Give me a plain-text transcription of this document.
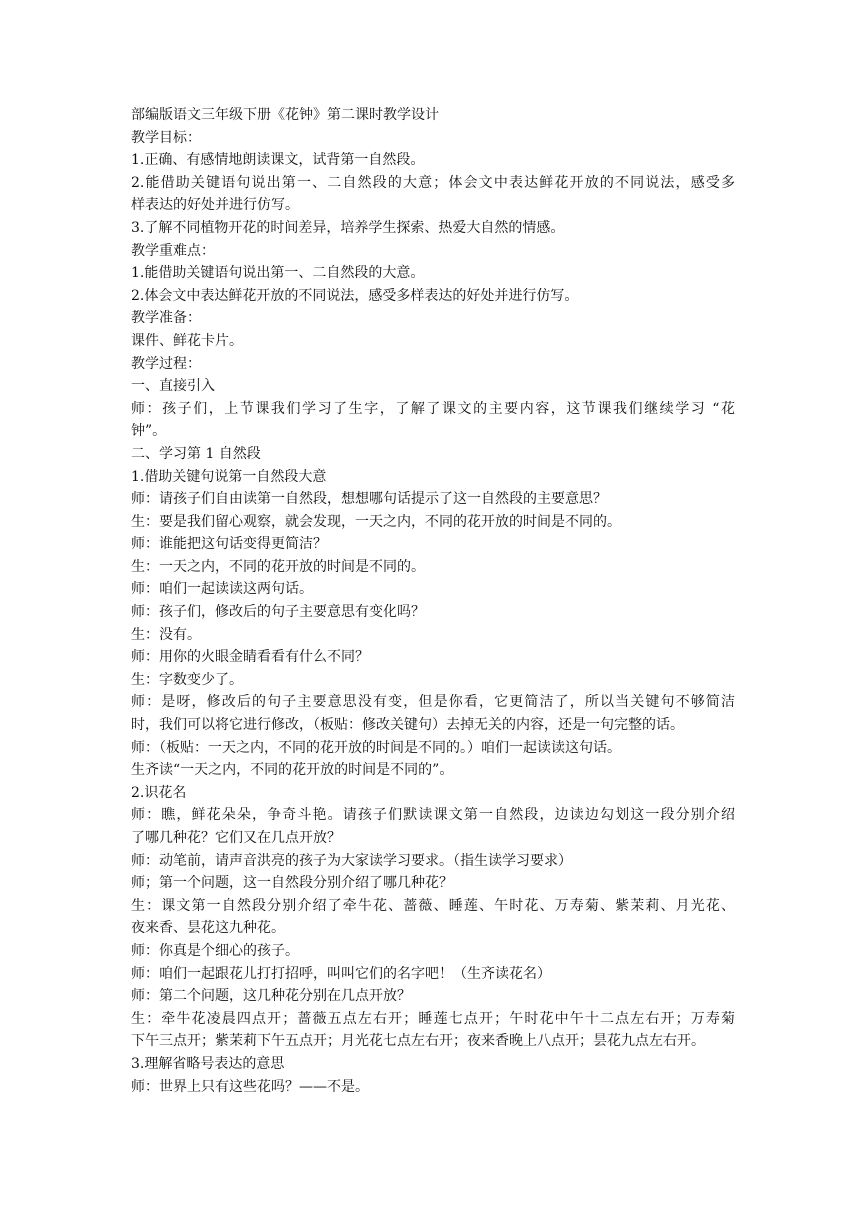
部编版语文三年级下册《花钟》第二课时教学设计
教学目标：
1.正确、有感情地朗读课文，试背第一自然段。
2.能借助关键语句说出第一、二自然段的大意；体会文中表达鲜花开放的不同说法，感受多
样表达的好处并进行仿写。
3.了解不同植物开花的时间差异，培养学生探索、热爱大自然的情感。
教学重难点：
1.能借助关键语句说出第一、二自然段的大意。
2.体会文中表达鲜花开放的不同说法，感受多样表达的好处并进行仿写。
教学准备：
课件、鲜花卡片。
教学过程：
一、直接引入
师：孩子们，上节课我们学习了生字，了解了课文的主要内容，这节课我们继续学习 “花
钟”。
二、学习第 1 自然段
1.借助关键句说第一自然段大意
师：请孩子们自由读第一自然段，想想哪句话提示了这一自然段的主要意思？
生：要是我们留心观察，就会发现，一天之内，不同的花开放的时间是不同的。
师：谁能把这句话变得更简洁？
生：一天之内，不同的花开放的时间是不同的。
师：咱们一起读读这两句话。
师：孩子们，修改后的句子主要意思有变化吗？
生：没有。
师：用你的火眼金睛看看有什么不同？
生：字数变少了。
师：是呀，修改后的句子主要意思没有变，但是你看，它更简洁了，所以当关键句不够简洁
时，我们可以将它进行修改，（板贴：修改关键句）去掉无关的内容，还是一句完整的话。
师：（板贴：一天之内，不同的花开放的时间是不同的。）咱们一起读读这句话。
生齐读“一天之内，不同的花开放的时间是不同的”。
2.识花名
师：瞧，鲜花朵朵，争奇斗艳。请孩子们默读课文第一自然段，边读边勾划这一段分别介绍
了哪几种花？它们又在几点开放？
师：动笔前，请声音洪亮的孩子为大家读学习要求。（指生读学习要求）
师；第一个问题，这一自然段分别介绍了哪几种花？
生：课文第一自然段分别介绍了牵牛花、蔷薇、睡莲、午时花、万寿菊、紫茉莉、月光花、
夜来香、昙花这九种花。
师：你真是个细心的孩子。
师：咱们一起跟花儿打打招呼，叫叫它们的名字吧！（生齐读花名）
师：第二个问题，这几种花分别在几点开放？
生：牵牛花凌晨四点开；蔷薇五点左右开；睡莲七点开；午时花中午十二点左右开；万寿菊
下午三点开；紫茉莉下午五点开；月光花七点左右开；夜来香晚上八点开；昙花九点左右开。
3.理解省略号表达的意思
师：世界上只有这些花吗？——不是。
